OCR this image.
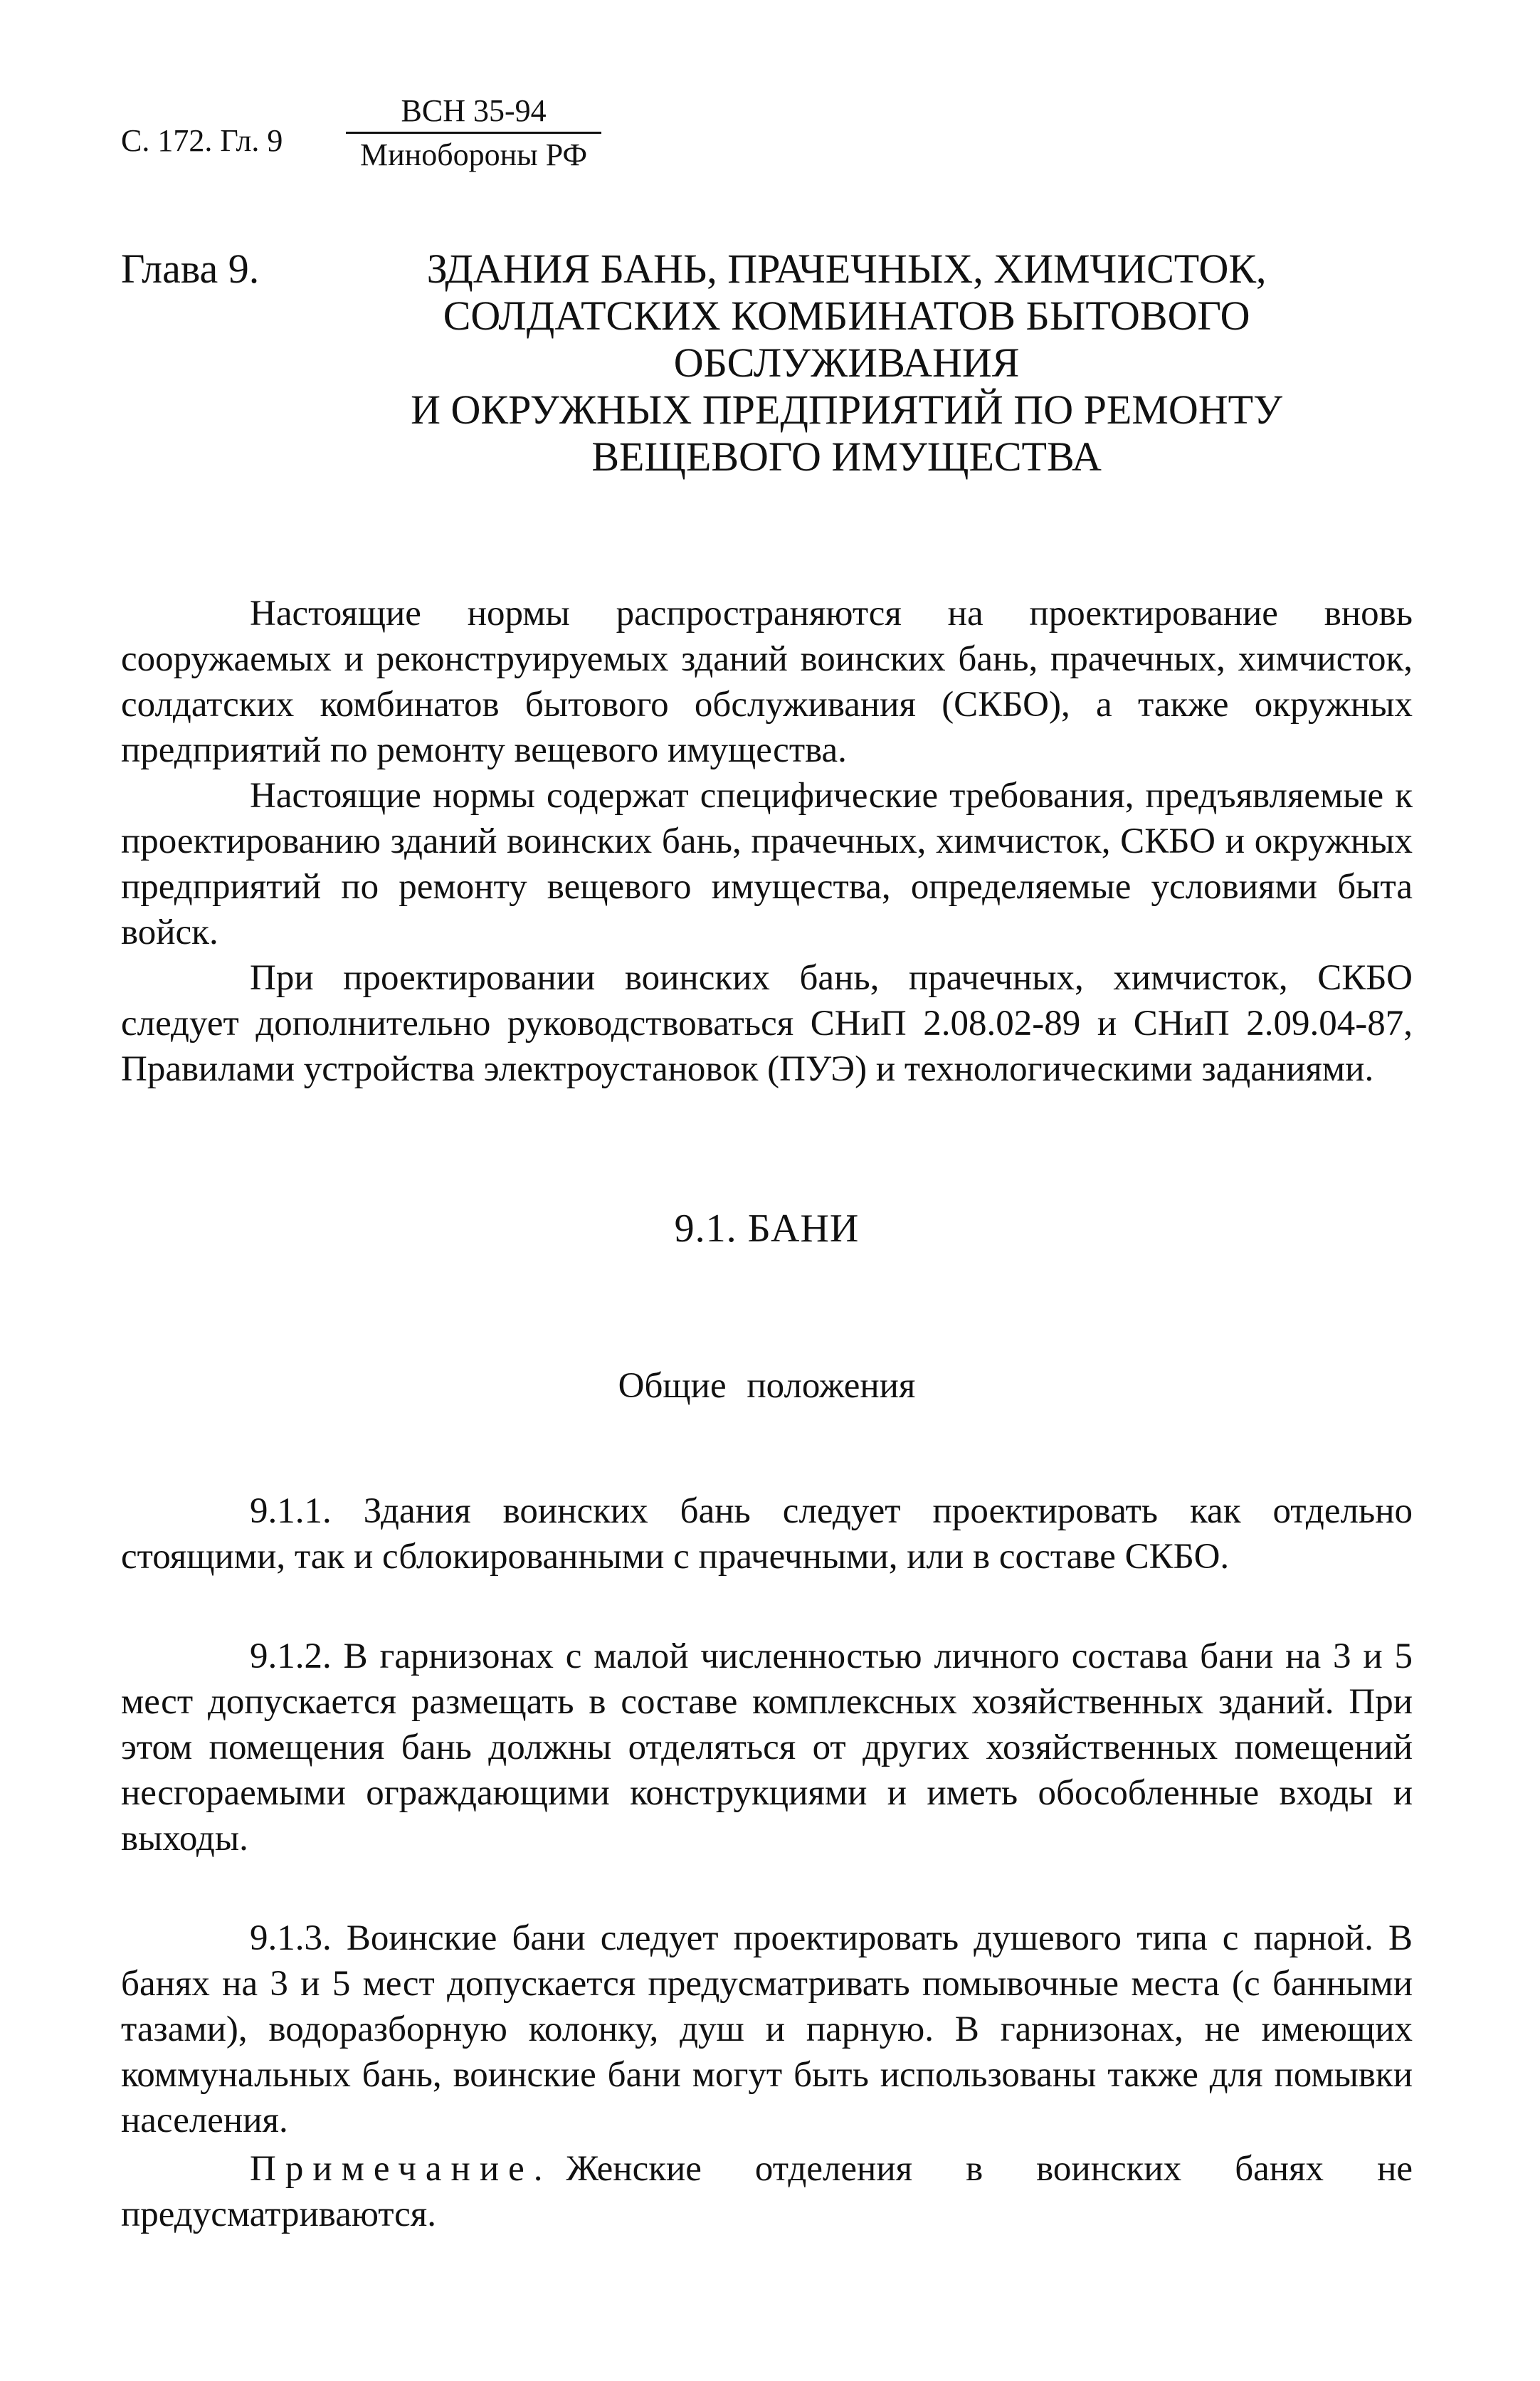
С. 172. Гл. 9
ВСН 35-94
Минобороны РФ
Глава 9.	ЗДАНИЯ БАНЬ, ПРАЧЕЧНЫХ, ХИМЧИСТОК,
СОЛДАТСКИХ КОМБИНАТОВ БЫТОВОГО
ОБСЛУЖИВАНИЯ
И ОКРУЖНЫХ ПРЕДПРИЯТИЙ ПО РЕМОНТУ
ВЕЩЕВОГО ИМУЩЕСТВА

Настоящие нормы распространяются на проектирование вновь сооружаемых и реконструируемых зданий воинских бань, прачечных, химчисток, солдатских комбинатов бытового обслуживания (СКБО), а также окружных предприятий по ремонту вещевого имущества.

Настоящие нормы содержат специфические требования, предъявляемые к проектированию зданий воинских бань, прачечных, химчисток, СКБО и окружных предприятий по ремонту вещевого имущества, определяемые условиями быта войск.

При проектировании воинских бань, прачечных, химчисток, СКБО следует дополнительно руководствоваться СНиП 2.08.02-89 и СНиП 2.09.04-87, Правилами устройства электроустановок (ПУЭ) и технологическими заданиями.

9.1. БАНИ
Общие положения

9.1.1. Здания воинских бань следует проектировать как отдельно стоящими, так и сблокированными с прачечными, или в составе СКБО.

9.1.2. В гарнизонах с малой численностью личного состава бани на 3 и 5 мест допускается размещать в составе комплексных хозяйственных зданий. При этом помещения бань должны отделяться от других хозяйственных помещений несгораемыми ограждающими конструкциями и иметь обособленные входы и выходы.

9.1.3. Воинские бани следует проектировать душевого типа с парной. В банях на 3 и 5 мест допускается предусматривать помывочные места (с банными тазами), водоразборную колонку, душ и парную. В гарнизонах, не имеющих коммунальных бань, воинские бани могут быть использованы также для помывки населения.

Примечание. Женские отделения в воинских банях не предусматриваются.
